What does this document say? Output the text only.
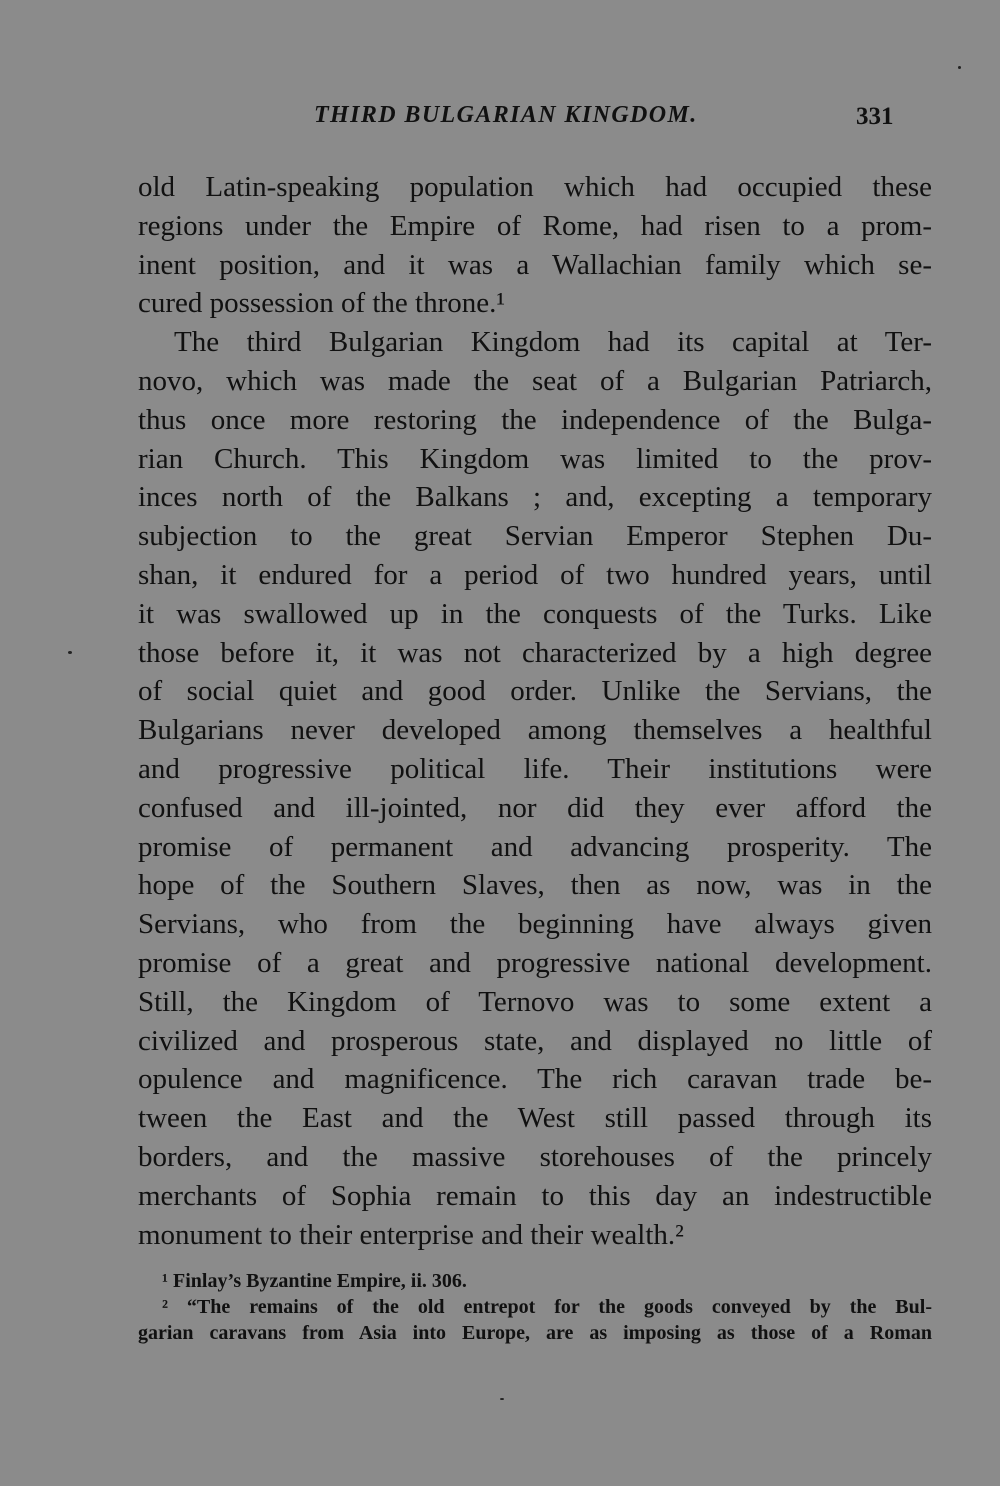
THIRD BULGARIAN KINGDOM.	331
old Latin-speaking population which had occupied these
regions under the Empire of Rome, had risen to a prom-
inent position, and it was a Wallachian family which se-
cured possession of the throne.¹
The third Bulgarian Kingdom had its capital at Ter-
novo, which was made the seat of a Bulgarian Patriarch,
thus once more restoring the independence of the Bulga-
rian Church. This Kingdom was limited to the prov-
inces north of the Balkans ; and, excepting a temporary
subjection to the great Servian Emperor Stephen Du-
shan, it endured for a period of two hundred years, until
it was swallowed up in the conquests of the Turks. Like
those before it, it was not characterized by a high degree
of social quiet and good order. Unlike the Servians, the
Bulgarians never developed among themselves a healthful
and progressive political life. Their institutions were
confused and ill-jointed, nor did they ever afford the
promise of permanent and advancing prosperity. The
hope of the Southern Slaves, then as now, was in the
Servians, who from the beginning have always given
promise of a great and progressive national development.
Still, the Kingdom of Ternovo was to some extent a
civilized and prosperous state, and displayed no little of
opulence and magnificence. The rich caravan trade be-
tween the East and the West still passed through its
borders, and the massive storehouses of the princely
merchants of Sophia remain to this day an indestructible
monument to their enterprise and their wealth.²
¹ Finlay’s Byzantine Empire, ii. 306.
² “The remains of the old entrepot for the goods conveyed by the Bul-
garian caravans from Asia into Europe, are as imposing as those of a Roman
